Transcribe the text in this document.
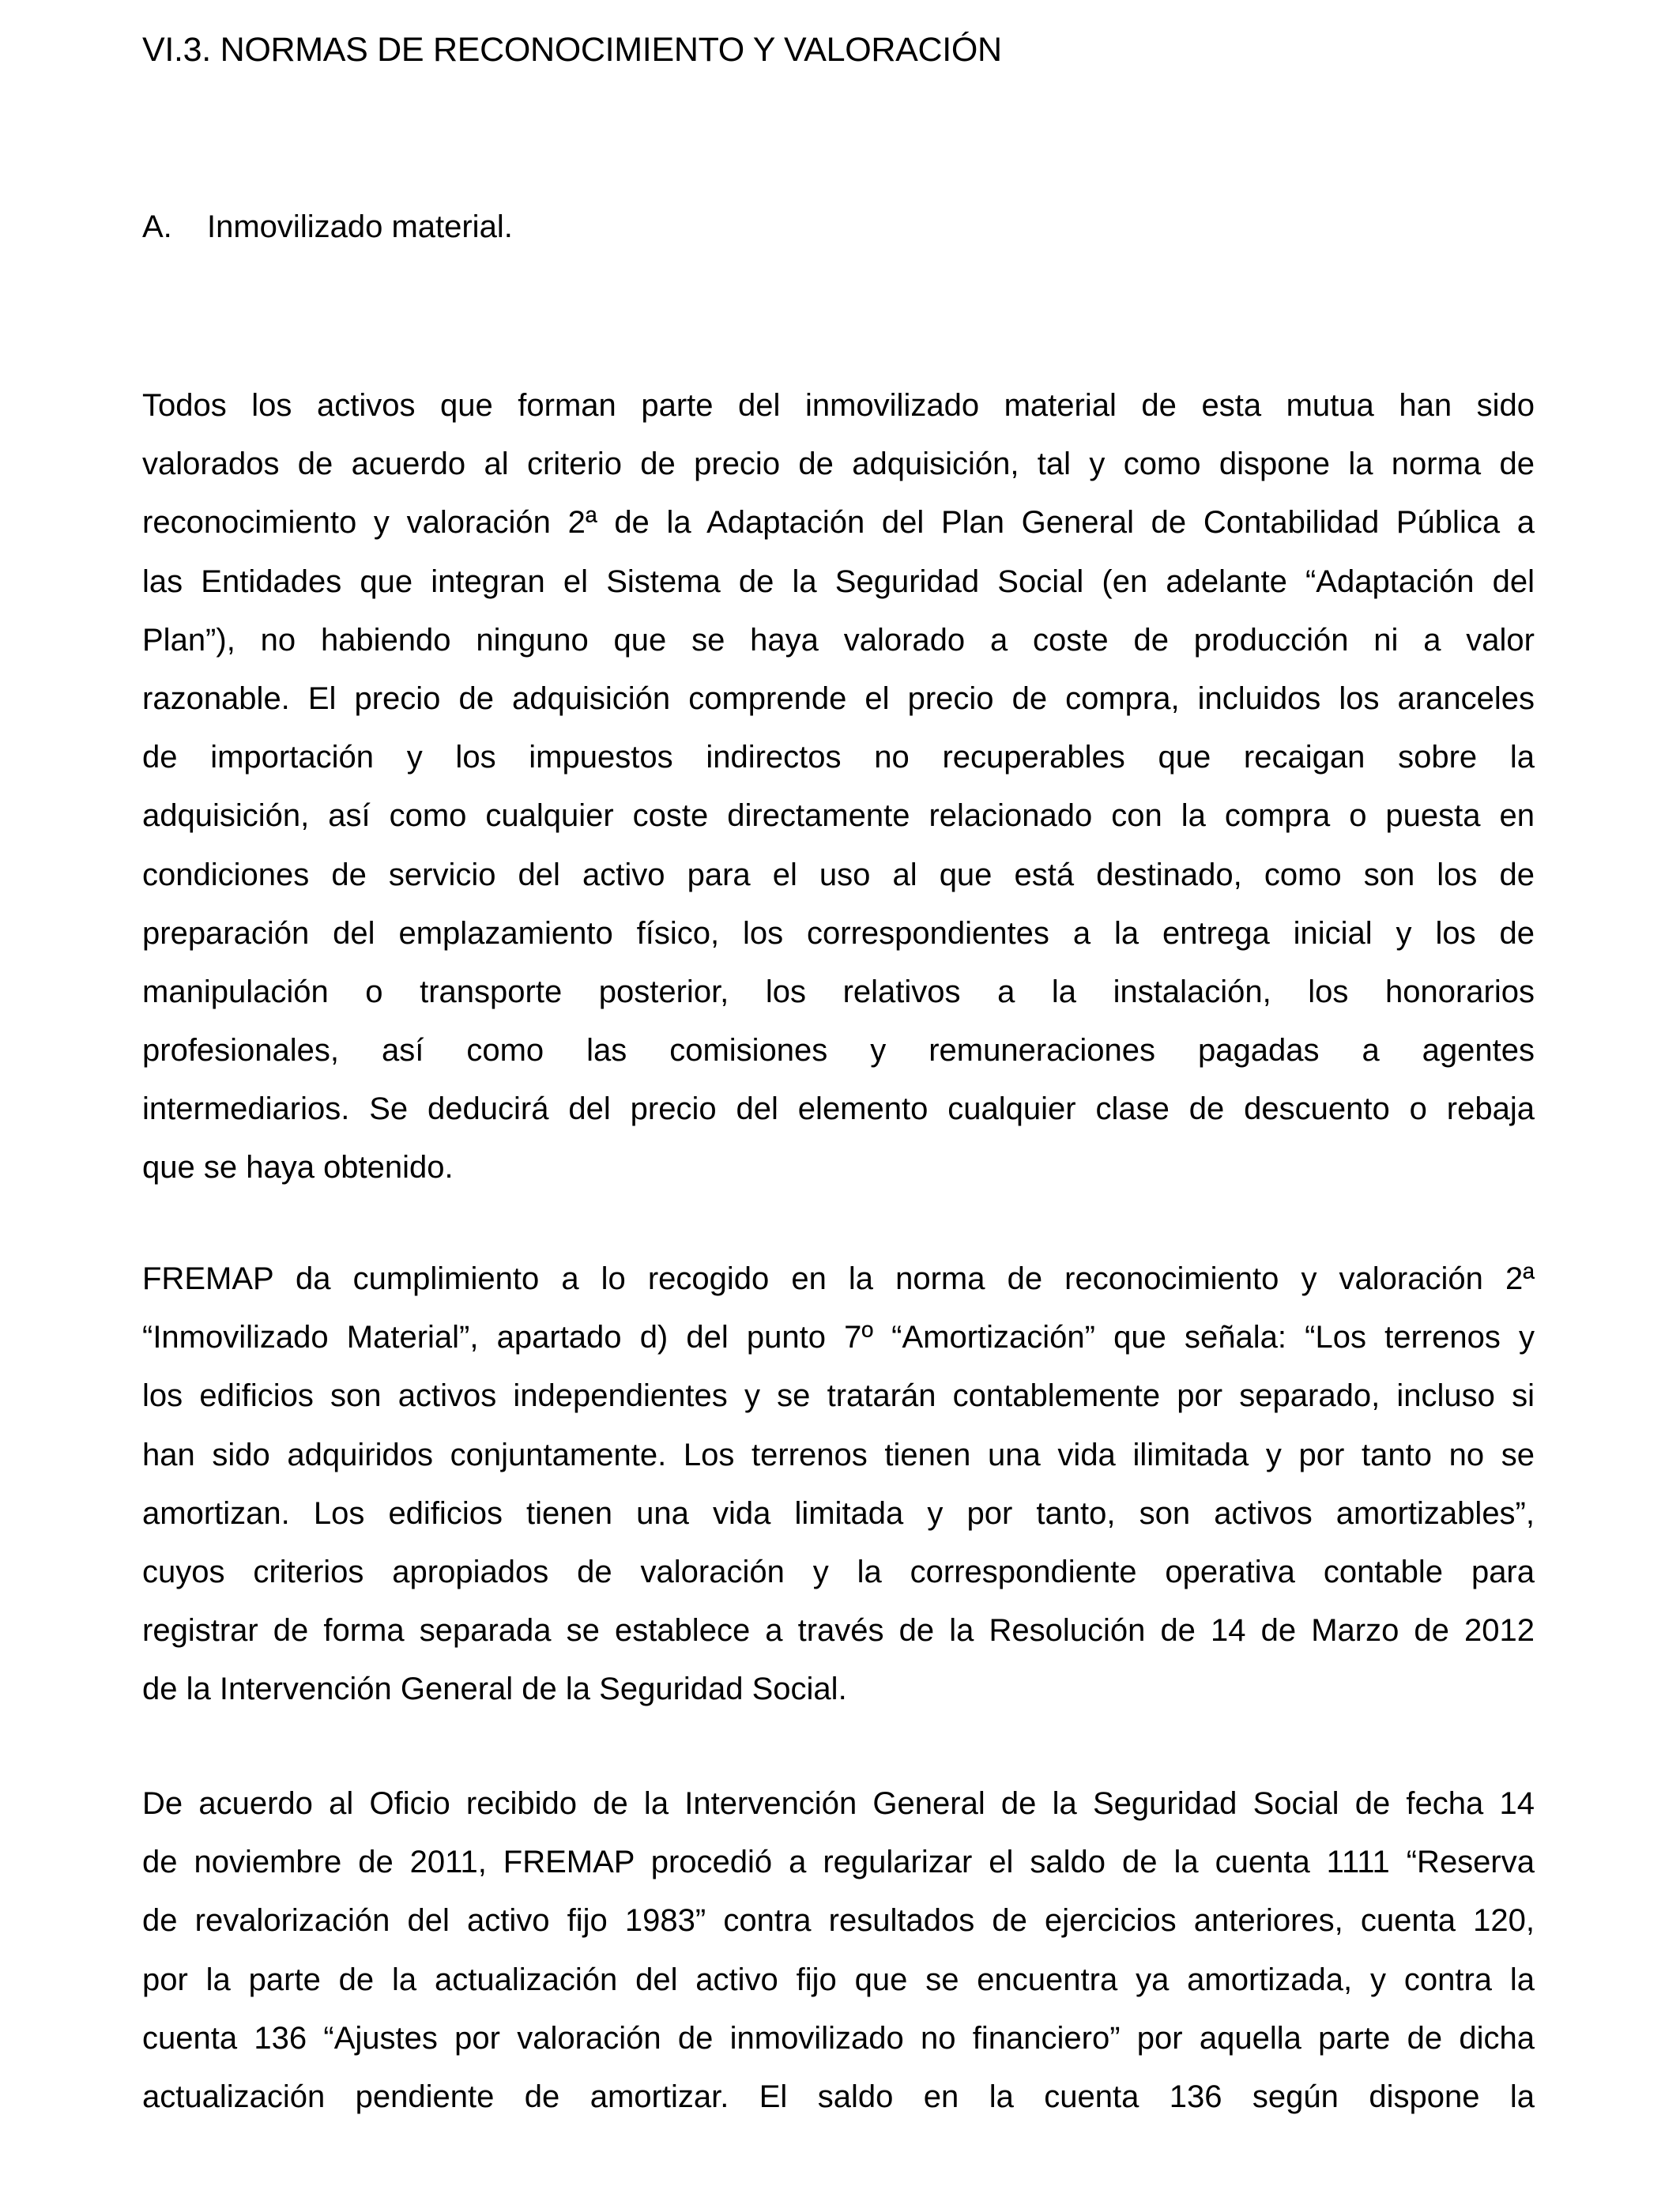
VI.3. NORMAS DE RECONOCIMIENTO Y VALORACIÓN
A. Inmovilizado material.
Todos los activos que forman parte del inmovilizado material de esta mutua han sido
valorados de acuerdo al criterio de precio de adquisición, tal y como dispone la norma de
reconocimiento y valoración 2ª de la Adaptación del Plan General de Contabilidad Pública a
las Entidades que integran el Sistema de la Seguridad Social (en adelante “Adaptación del
Plan”), no habiendo ninguno que se haya valorado a coste de producción ni a valor
razonable. El precio de adquisición comprende el precio de compra, incluidos los aranceles
de importación y los impuestos indirectos no recuperables que recaigan sobre la
adquisición, así como cualquier coste directamente relacionado con la compra o puesta en
condiciones de servicio del activo para el uso al que está destinado, como son los de
preparación del emplazamiento físico, los correspondientes a la entrega inicial y los de
manipulación o transporte posterior, los relativos a la instalación, los honorarios
profesionales, así como las comisiones y remuneraciones pagadas a agentes
intermediarios. Se deducirá del precio del elemento cualquier clase de descuento o rebaja
que se haya obtenido.
FREMAP da cumplimiento a lo recogido en la norma de reconocimiento y valoración 2ª
“Inmovilizado Material”, apartado d) del punto 7º “Amortización” que señala: “Los terrenos y
los edificios son activos independientes y se tratarán contablemente por separado, incluso si
han sido adquiridos conjuntamente. Los terrenos tienen una vida ilimitada y por tanto no se
amortizan. Los edificios tienen una vida limitada y por tanto, son activos amortizables”,
cuyos criterios apropiados de valoración y la correspondiente operativa contable para
registrar de forma separada se establece a través de la Resolución de 14 de Marzo de 2012
de la Intervención General de la Seguridad Social.
De acuerdo al Oficio recibido de la Intervención General de la Seguridad Social de fecha 14
de noviembre de 2011, FREMAP procedió a regularizar el saldo de la cuenta 1111 “Reserva
de revalorización del activo fijo 1983” contra resultados de ejercicios anteriores, cuenta 120,
por la parte de la actualización del activo fijo que se encuentra ya amortizada, y contra la
cuenta 136 “Ajustes por valoración de inmovilizado no financiero” por aquella parte de dicha
actualización pendiente de amortizar. El saldo en la cuenta 136 según dispone la
